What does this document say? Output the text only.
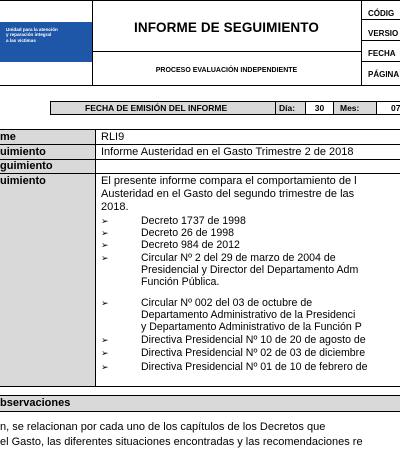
Unidad para la atención
y reparación integral
a las víctimas
INFORME DE SEGUIMIENTO
PROCESO EVALUACIÓN INDEPENDIENTE
CÓDIG
VERSIO
FECHA
PÁGINA
FECHA DE EMISIÓN DEL INFORME	Día:	30	Mes:	07
me	RLI9
uimiento	Informe Austeridad en el Gasto Trimestre 2 de 2018
guimiento
uimiento	El presente informe compara el comportamiento de l
Austeridad en el Gasto del segundo trimestre de las
2018.
➢	Decreto 1737 de 1998
➢	Decreto 26 de 1998
➢	Decreto 984 de 2012
➢	Circular Nº 2 del 29 de marzo de 2004 de
Presidencial y Director del Departamento Adm
Función Pública.
➢	Circular Nº 002 del 03 de octubre de
Departamento Administrativo de la Presidenci
y Departamento Administrativo de la Función P
➢	Directiva Presidencial Nº 10 de 20 de agosto de
➢	Directiva Presidencial Nº 02 de 03 de diciembre
➢	Directiva Presidencial Nº 01 de 10 de febrero de
bservaciones
n, se relacionan por cada uno de los capítulos de los Decretos que
el Gasto, las diferentes situaciones encontradas y las recomendaciones re
